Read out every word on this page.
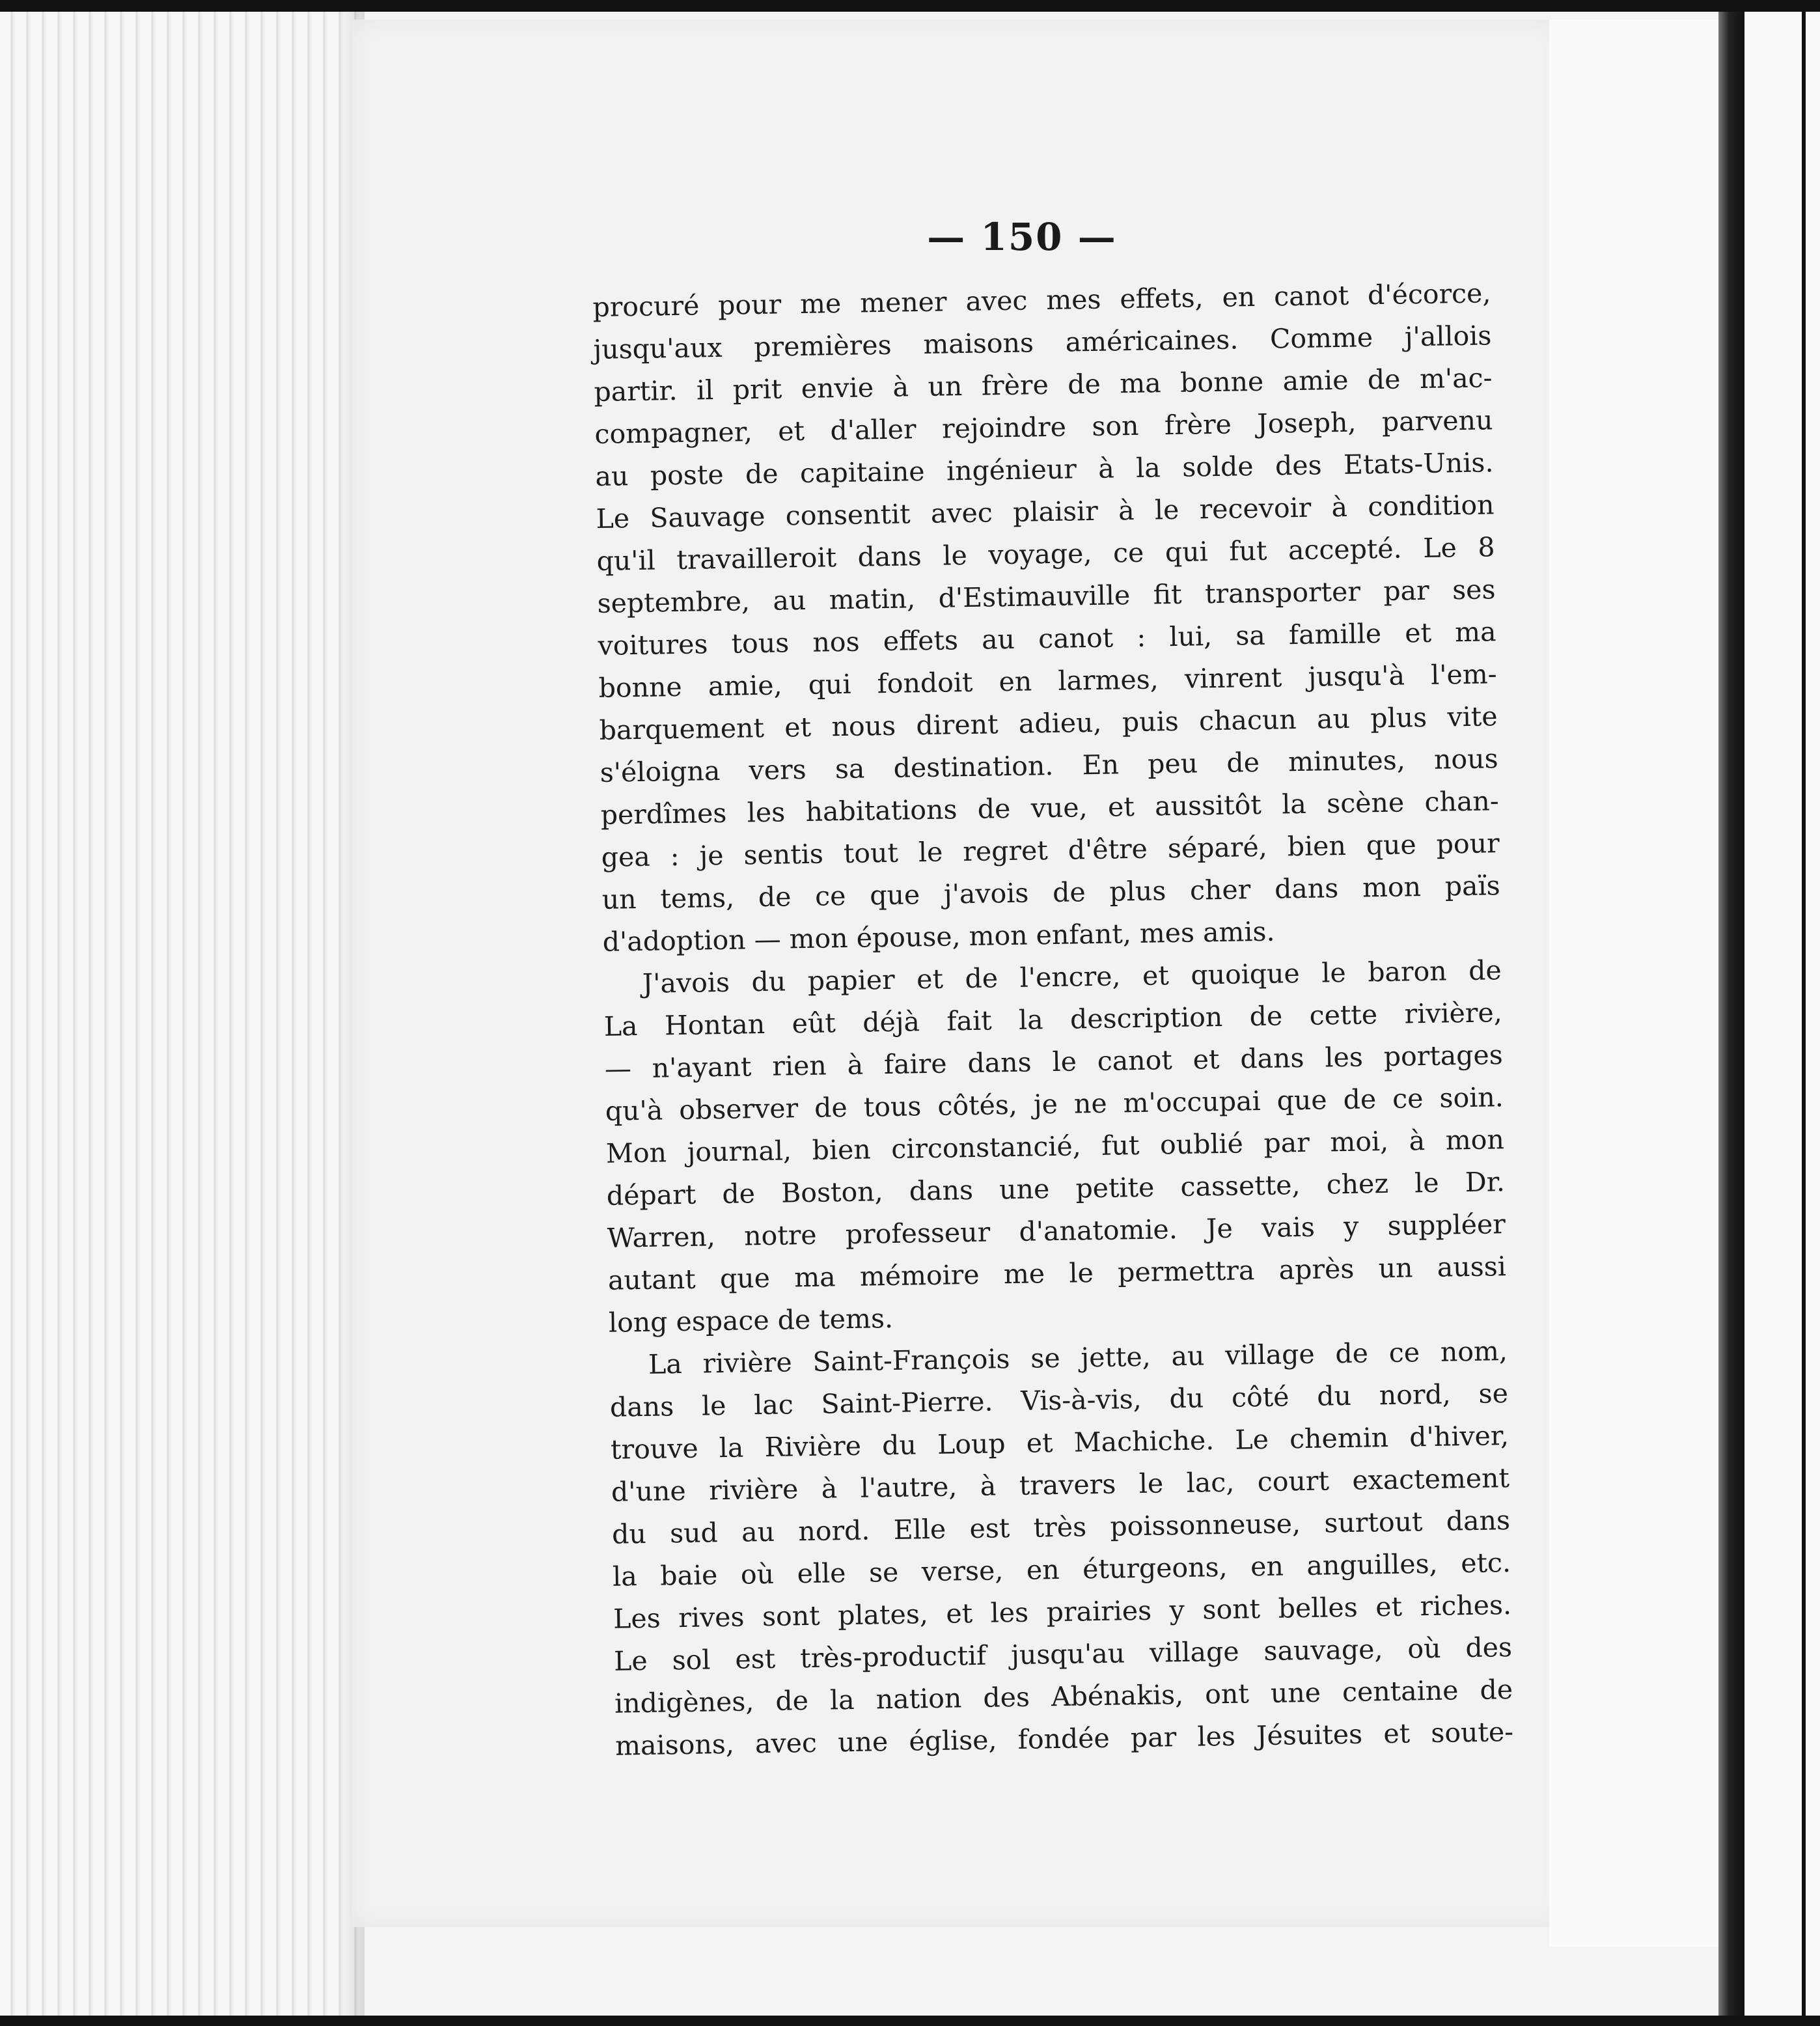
— 150 —
procuré pour me mener avec mes effets, en canot d'écorce,
jusqu'aux premières maisons américaines. Comme j'allois
partir. il prit envie à un frère de ma bonne amie de m'ac-
compagner, et d'aller rejoindre son frère Joseph, parvenu
au poste de capitaine ingénieur à la solde des Etats-Unis.
Le Sauvage consentit avec plaisir à le recevoir à condition
qu'il travailleroit dans le voyage, ce qui fut accepté. Le 8
septembre, au matin, d'Estimauville fit transporter par ses
voitures tous nos effets au canot : lui, sa famille et ma
bonne amie, qui fondoit en larmes, vinrent jusqu'à l'em-
barquement et nous dirent adieu, puis chacun au plus vite
s'éloigna vers sa destination. En peu de minutes, nous
perdîmes les habitations de vue, et aussitôt la scène chan-
gea : je sentis tout le regret d'être séparé, bien que pour
un tems, de ce que j'avois de plus cher dans mon païs
d'adoption — mon épouse, mon enfant, mes amis.
J'avois du papier et de l'encre, et quoique le baron de
La Hontan eût déjà fait la description de cette rivière,
— n'ayant rien à faire dans le canot et dans les portages
qu'à observer de tous côtés, je ne m'occupai que de ce soin.
Mon journal, bien circonstancié, fut oublié par moi, à mon
départ de Boston, dans une petite cassette, chez le Dr.
Warren, notre professeur d'anatomie. Je vais y suppléer
autant que ma mémoire me le permettra après un aussi
long espace de tems.
La rivière Saint-François se jette, au village de ce nom,
dans le lac Saint-Pierre. Vis-à-vis, du côté du nord, se
trouve la Rivière du Loup et Machiche. Le chemin d'hiver,
d'une rivière à l'autre, à travers le lac, court exactement
du sud au nord. Elle est très poissonneuse, surtout dans
la baie où elle se verse, en éturgeons, en anguilles, etc.
Les rives sont plates, et les prairies y sont belles et riches.
Le sol est très-productif jusqu'au village sauvage, où des
indigènes, de la nation des Abénakis, ont une centaine de
maisons, avec une église, fondée par les Jésuites et soute-
